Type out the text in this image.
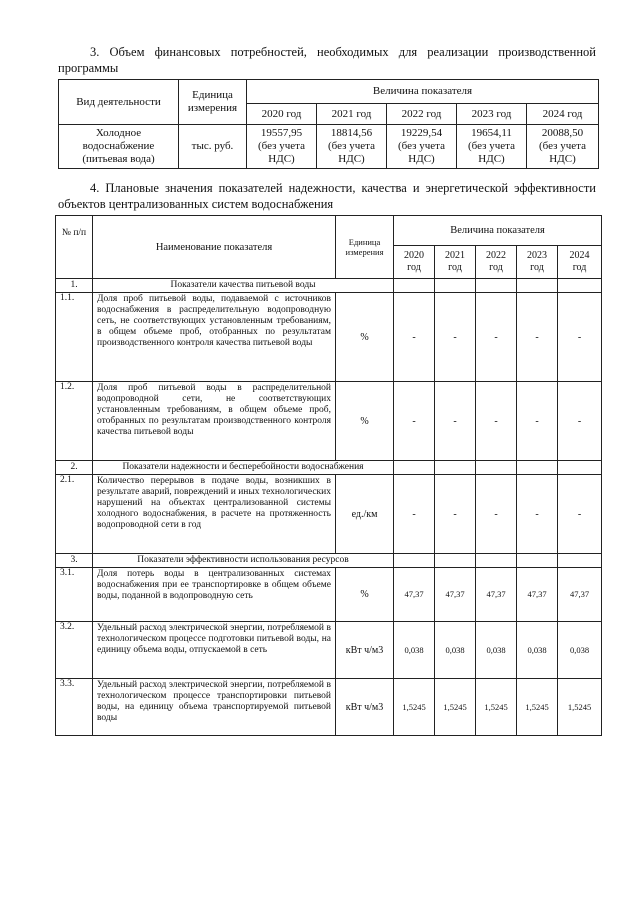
3. Объем финансовых потребностей, необходимых для реализации производственной программы
Вид деятельности	Единица измерения	Величина показателя				
		2020 год	2021 год	2022 год	2023 год	2024 год
Холодное водоснабжение (питьевая вода)	тыс. руб.	19557,95
(без учета
НДС)	18814,56
(без учета
НДС)	19229,54
(без учета
НДС)	19654,11
(без учета
НДС)	20088,50
(без учета
НДС)
4. Плановые значения показателей надежности, качества и энергетической эффективности объектов централизованных систем водоснабжения
№ п/п	Наименование показателя	Единица измерения	Величина показателя				
			2020
год	2021
год	2022
год	2023
год	2024
год
1.	Показатели качества питьевой воды						
1.1.	Доля проб питьевой воды, подаваемой с источников водоснабжения в распределительную водопроводную сеть, не соответствующих установленным требованиям, в общем объеме проб, отобранных по результатам производственного контроля качества питьевой воды	%	-	-	-	-	-
1.2.	Доля проб питьевой воды в распределительной водопроводной сети, не соответствующих установленным требованиям, в общем объеме проб, отобранных по результатам производственного контроля качества питьевой воды	%	-	-	-	-	-
2.	Показатели надежности и бесперебойности водоснабжения						
2.1.	Количество перерывов в подаче воды, возникших в результате аварий, повреждений и иных технологических нарушений на объектах централизованной системы холодного водоснабжения, в расчете на протяженность водопроводной сети в год	ед./км	-	-	-	-	-
3.	Показатели эффективности использования ресурсов						
3.1.	Доля потерь воды в централизованных системах водоснабжения при ее транспортировке в общем объеме воды, поданной в водопроводную сеть	%	47,37	47,37	47,37	47,37	47,37
3.2.	Удельный расход электрической энергии, потребляемой в технологическом процессе подготовки питьевой воды, на единицу объема воды, отпускаемой в сеть	кВт ч/м3	0,038	0,038	0,038	0,038	0,038
3.3.	Удельный расход электрической энергии, потребляемой в технологическом процессе транспортировки питьевой воды, на единицу объема транспортируемой питьевой воды	кВт ч/м3	1,5245	1,5245	1,5245	1,5245	1,5245
